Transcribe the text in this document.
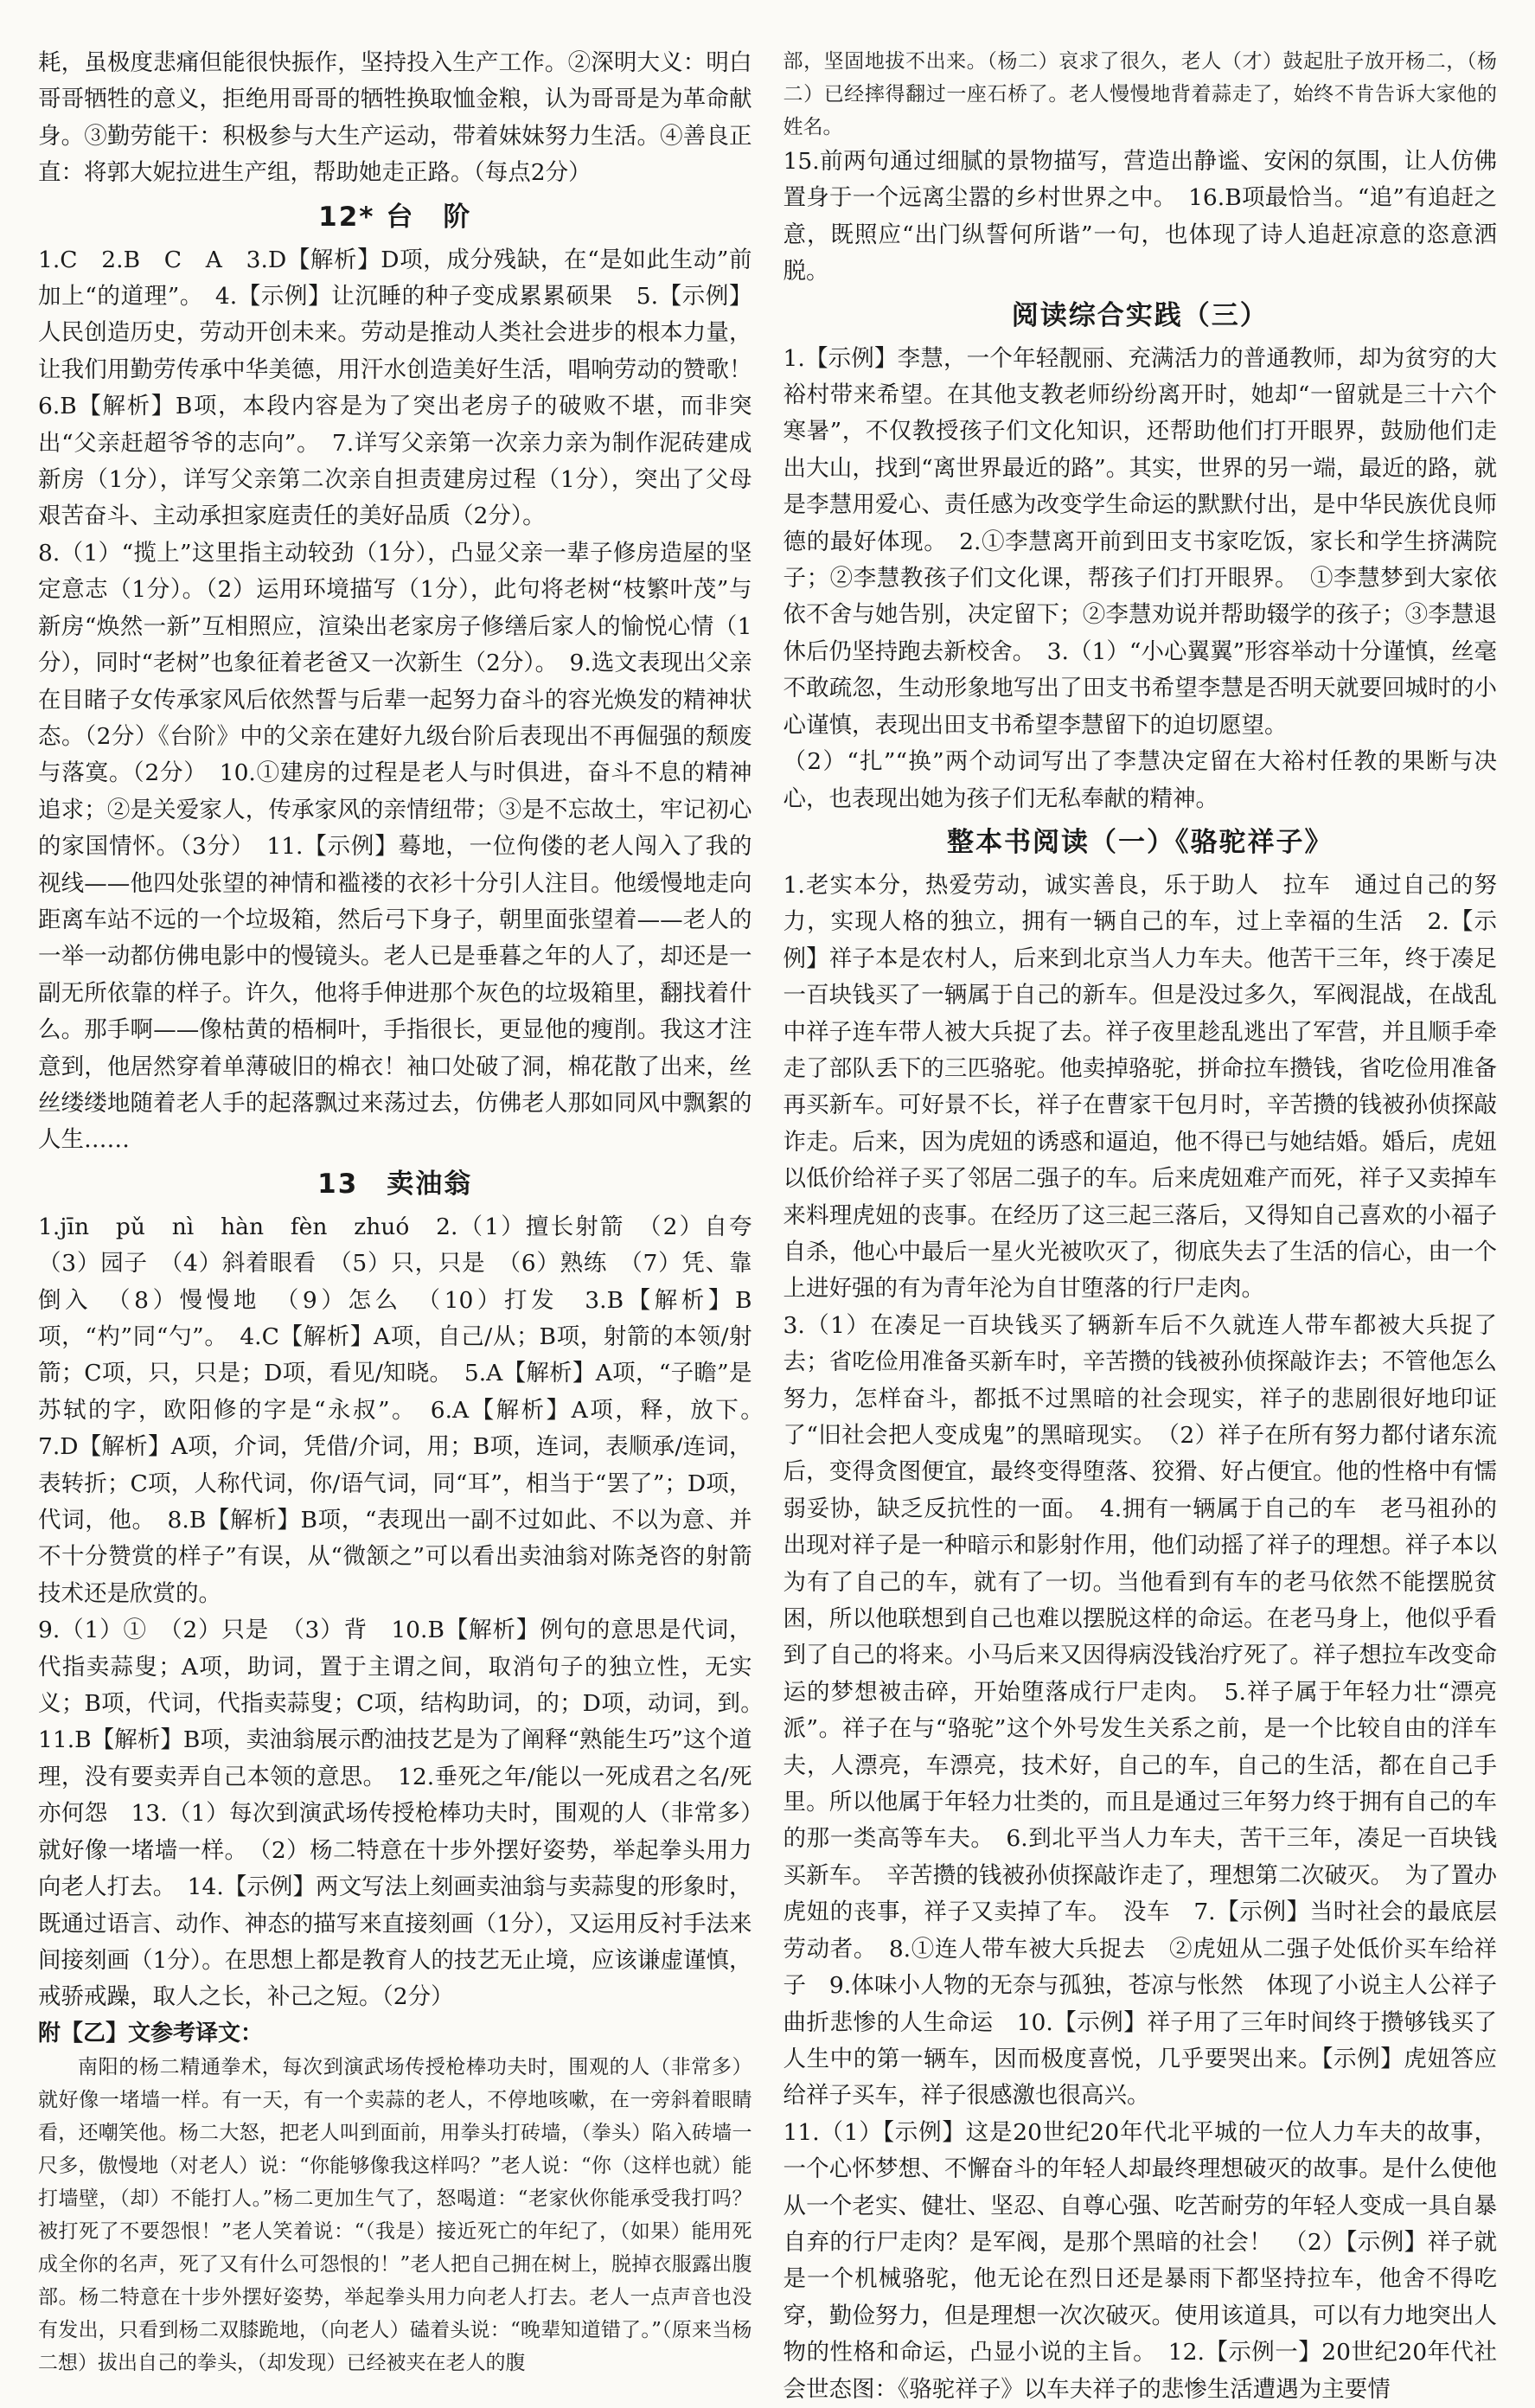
耗，虽极度悲痛但能很快振作，坚持投入生产工作。②深明大义：明白哥哥牺牲的意义，拒绝用哥哥的牺牲换取恤金粮，认为哥哥是为革命献身。③勤劳能干：积极参与大生产运动，带着妹妹努力生活。④善良正直：将郭大妮拉进生产组，帮助她走正路。（每点2分）

12* 台　阶

1.C　2.B　C　A　3.D【解析】D项，成分残缺，在“是如此生动”前加上“的道理”。　4.【示例】让沉睡的种子变成累累硕果　5.【示例】人民创造历史，劳动开创未来。劳动是推动人类社会进步的根本力量，让我们用勤劳传承中华美德，用汗水创造美好生活，唱响劳动的赞歌！　6.B【解析】B项，本段内容是为了突出老房子的破败不堪，而非突出“父亲赶超爷爷的志向”。　7.详写父亲第一次亲力亲为制作泥砖建成新房（1分），详写父亲第二次亲自担责建房过程（1分），突出了父母艰苦奋斗、主动承担家庭责任的美好品质（2分）。

8.（1）“揽上”这里指主动较劲（1分），凸显父亲一辈子修房造屋的坚定意志（1分）。（2）运用环境描写（1分），此句将老树“枝繁叶茂”与新房“焕然一新”互相照应，渲染出老家房子修缮后家人的愉悦心情（1分），同时“老树”也象征着老爸又一次新生（2分）。　9.选文表现出父亲在目睹子女传承家风后依然誓与后辈一起努力奋斗的容光焕发的精神状态。（2分）《台阶》中的父亲在建好九级台阶后表现出不再倔强的颓废与落寞。（2分）　10.①建房的过程是老人与时俱进，奋斗不息的精神追求；②是关爱家人，传承家风的亲情纽带；③是不忘故土，牢记初心的家国情怀。（3分）　11.【示例】蓦地，一位佝偻的老人闯入了我的视线——他四处张望的神情和褴褛的衣衫十分引人注目。他缓慢地走向距离车站不远的一个垃圾箱，然后弓下身子，朝里面张望着——老人的一举一动都仿佛电影中的慢镜头。老人已是垂暮之年的人了，却还是一副无所依靠的样子。许久，他将手伸进那个灰色的垃圾箱里，翻找着什么。那手啊——像枯黄的梧桐叶，手指很长，更显他的瘦削。我这才注意到，他居然穿着单薄破旧的棉衣！袖口处破了洞，棉花散了出来，丝丝缕缕地随着老人手的起落飘过来荡过去，仿佛老人那如同风中飘絮的人生……

13　卖油翁

1.jīn　pǔ　nì　hàn　fèn　zhuó　2.（1）擅长射箭　（2）自夸　（3）园子　（4）斜着眼看　（5）只，只是　（6）熟练　（7）凭、靠　倒入　（8）慢慢地　（9）怎么　（10）打发　3.B【解析】B项，“杓”同“勺”。　4.C【解析】A项，自己/从；B项，射箭的本领/射箭；C项，只，只是；D项，看见/知晓。　5.A【解析】A项，“子瞻”是苏轼的字，欧阳修的字是“永叔”。　6.A【解析】A项，释，放下。　7.D【解析】A项，介词，凭借/介词，用；B项，连词，表顺承/连词，表转折；C项，人称代词，你/语气词，同“耳”，相当于“罢了”；D项，代词，他。　8.B【解析】B项，“表现出一副不过如此、不以为意、并不十分赞赏的样子”有误，从“微颔之”可以看出卖油翁对陈尧咨的射箭技术还是欣赏的。

9.（1）①　（2）只是　（3）背　10.B【解析】例句的意思是代词，代指卖蒜叟；A项，助词，置于主谓之间，取消句子的独立性，无实义；B项，代词，代指卖蒜叟；C项，结构助词，的；D项，动词，到。　11.B【解析】B项，卖油翁展示酌油技艺是为了阐释“熟能生巧”这个道理，没有要卖弄自己本领的意思。　12.垂死之年/能以一死成君之名/死亦何怨　13.（1）每次到演武场传授枪棒功夫时，围观的人（非常多）就好像一堵墙一样。　（2）杨二特意在十步外摆好姿势，举起拳头用力向老人打去。　14.【示例】两文写法上刻画卖油翁与卖蒜叟的形象时，既通过语言、动作、神态的描写来直接刻画（1分），又运用反衬手法来间接刻画（1分）。在思想上都是教育人的技艺无止境，应该谦虚谨慎，戒骄戒躁，取人之长，补己之短。（2分）

附【乙】文参考译文：

南阳的杨二精通拳术，每次到演武场传授枪棒功夫时，围观的人（非常多）就好像一堵墙一样。有一天，有一个卖蒜的老人，不停地咳嗽，在一旁斜着眼睛看，还嘲笑他。杨二大怒，把老人叫到面前，用拳头打砖墙，（拳头）陷入砖墙一尺多，傲慢地（对老人）说：“你能够像我这样吗？”老人说：“你（这样也就）能打墙壁，（却）不能打人。”杨二更加生气了，怒喝道：“老家伙你能承受我打吗？被打死了不要怨恨！”老人笑着说：“（我是）接近死亡的年纪了，（如果）能用死成全你的名声，死了又有什么可怨恨的！”老人把自己拥在树上，脱掉衣服露出腹部。杨二特意在十步外摆好姿势，举起拳头用力向老人打去。老人一点声音也没有发出，只看到杨二双膝跪地，（向老人）磕着头说：“晚辈知道错了。”（原来当杨二想）拔出自己的拳头，（却发现）已经被夹在老人的腹

部，坚固地拔不出来。（杨二）哀求了很久，老人（才）鼓起肚子放开杨二，（杨二）已经摔得翻过一座石桥了。老人慢慢地背着蒜走了，始终不肯告诉大家他的姓名。

15.前两句通过细腻的景物描写，营造出静谧、安闲的氛围，让人仿佛置身于一个远离尘嚣的乡村世界之中。　16.B项最恰当。“追”有追赶之意，既照应“出门纵誓何所谐”一句，也体现了诗人追赶凉意的恣意洒脱。

阅读综合实践（三）

1.【示例】李慧，一个年轻靓丽、充满活力的普通教师，却为贫穷的大裕村带来希望。在其他支教老师纷纷离开时，她却“一留就是三十六个寒暑”，不仅教授孩子们文化知识，还帮助他们打开眼界，鼓励他们走出大山，找到“离世界最近的路”。其实，世界的另一端，最近的路，就是李慧用爱心、责任感为改变学生命运的默默付出，是中华民族优良师德的最好体现。　2.①李慧离开前到田支书家吃饭，家长和学生挤满院子；②李慧教孩子们文化课，帮孩子们打开眼界。　①李慧梦到大家依依不舍与她告别，决定留下；②李慧劝说并帮助辍学的孩子；③李慧退休后仍坚持跑去新校舍。　3.（1）“小心翼翼”形容举动十分谨慎，丝毫不敢疏忽，生动形象地写出了田支书希望李慧是否明天就要回城时的小心谨慎，表现出田支书希望李慧留下的迫切愿望。

（2）“扎”“换”两个动词写出了李慧决定留在大裕村任教的果断与决心，也表现出她为孩子们无私奉献的精神。

整本书阅读（一）《骆驼祥子》

1.老实本分，热爱劳动，诚实善良，乐于助人　拉车　通过自己的努力，实现人格的独立，拥有一辆自己的车，过上幸福的生活　2.【示例】祥子本是农村人，后来到北京当人力车夫。他苦干三年，终于凑足一百块钱买了一辆属于自己的新车。但是没过多久，军阀混战，在战乱中祥子连车带人被大兵捉了去。祥子夜里趁乱逃出了军营，并且顺手牵走了部队丢下的三匹骆驼。他卖掉骆驼，拼命拉车攒钱，省吃俭用准备再买新车。可好景不长，祥子在曹家干包月时，辛苦攒的钱被孙侦探敲诈走。后来，因为虎妞的诱惑和逼迫，他不得已与她结婚。婚后，虎妞以低价给祥子买了邻居二强子的车。后来虎妞难产而死，祥子又卖掉车来料理虎妞的丧事。在经历了这三起三落后，又得知自己喜欢的小福子自杀，他心中最后一星火光被吹灭了，彻底失去了生活的信心，由一个上进好强的有为青年沦为自甘堕落的行尸走肉。

3.（1）在凑足一百块钱买了辆新车后不久就连人带车都被大兵捉了去；省吃俭用准备买新车时，辛苦攒的钱被孙侦探敲诈去；不管他怎么努力，怎样奋斗，都抵不过黑暗的社会现实，祥子的悲剧很好地印证了“旧社会把人变成鬼”的黑暗现实。　（2）祥子在所有努力都付诸东流后，变得贪图便宜，最终变得堕落、狡猾、好占便宜。他的性格中有懦弱妥协，缺乏反抗性的一面。　4.拥有一辆属于自己的车　老马祖孙的出现对祥子是一种暗示和影射作用，他们动摇了祥子的理想。祥子本以为有了自己的车，就有了一切。当他看到有车的老马依然不能摆脱贫困，所以他联想到自己也难以摆脱这样的命运。在老马身上，他似乎看到了自己的将来。小马后来又因得病没钱治疗死了。祥子想拉车改变命运的梦想被击碎，开始堕落成行尸走肉。　5.祥子属于年轻力壮“漂亮派”。祥子在与“骆驼”这个外号发生关系之前，是一个比较自由的洋车夫，人漂亮，车漂亮，技术好，自己的车，自己的生活，都在自己手里。所以他属于年轻力壮类的，而且是通过三年努力终于拥有自己的车的那一类高等车夫。　6.到北平当人力车夫，苦干三年，凑足一百块钱买新车。　辛苦攒的钱被孙侦探敲诈走了，理想第二次破灭。　为了置办虎妞的丧事，祥子又卖掉了车。　没车　7.【示例】当时社会的最底层劳动者。　8.①连人带车被大兵捉去　②虎妞从二强子处低价买车给祥子　9.体味小人物的无奈与孤独，苍凉与怅然　体现了小说主人公祥子曲折悲惨的人生命运　10.【示例】祥子用了三年时间终于攒够钱买了人生中的第一辆车，因而极度喜悦，几乎要哭出来。【示例】虎妞答应给祥子买车，祥子很感激也很高兴。

11.（1）【示例】这是20世纪20年代北平城的一位人力车夫的故事，一个心怀梦想、不懈奋斗的年轻人却最终理想破灭的故事。是什么使他从一个老实、健壮、坚忍、自尊心强、吃苦耐劳的年轻人变成一具自暴自弃的行尸走肉？是军阀，是那个黑暗的社会！　（2）【示例】祥子就是一个机械骆驼，他无论在烈日还是暴雨下都坚持拉车，他舍不得吃穿，勤俭努力，但是理想一次次破灭。使用该道具，可以有力地突出人物的性格和命运，凸显小说的主旨。　12.【示例一】20世纪20年代社会世态图：《骆驼祥子》以车夫祥子的悲惨生活遭遇为主要情
